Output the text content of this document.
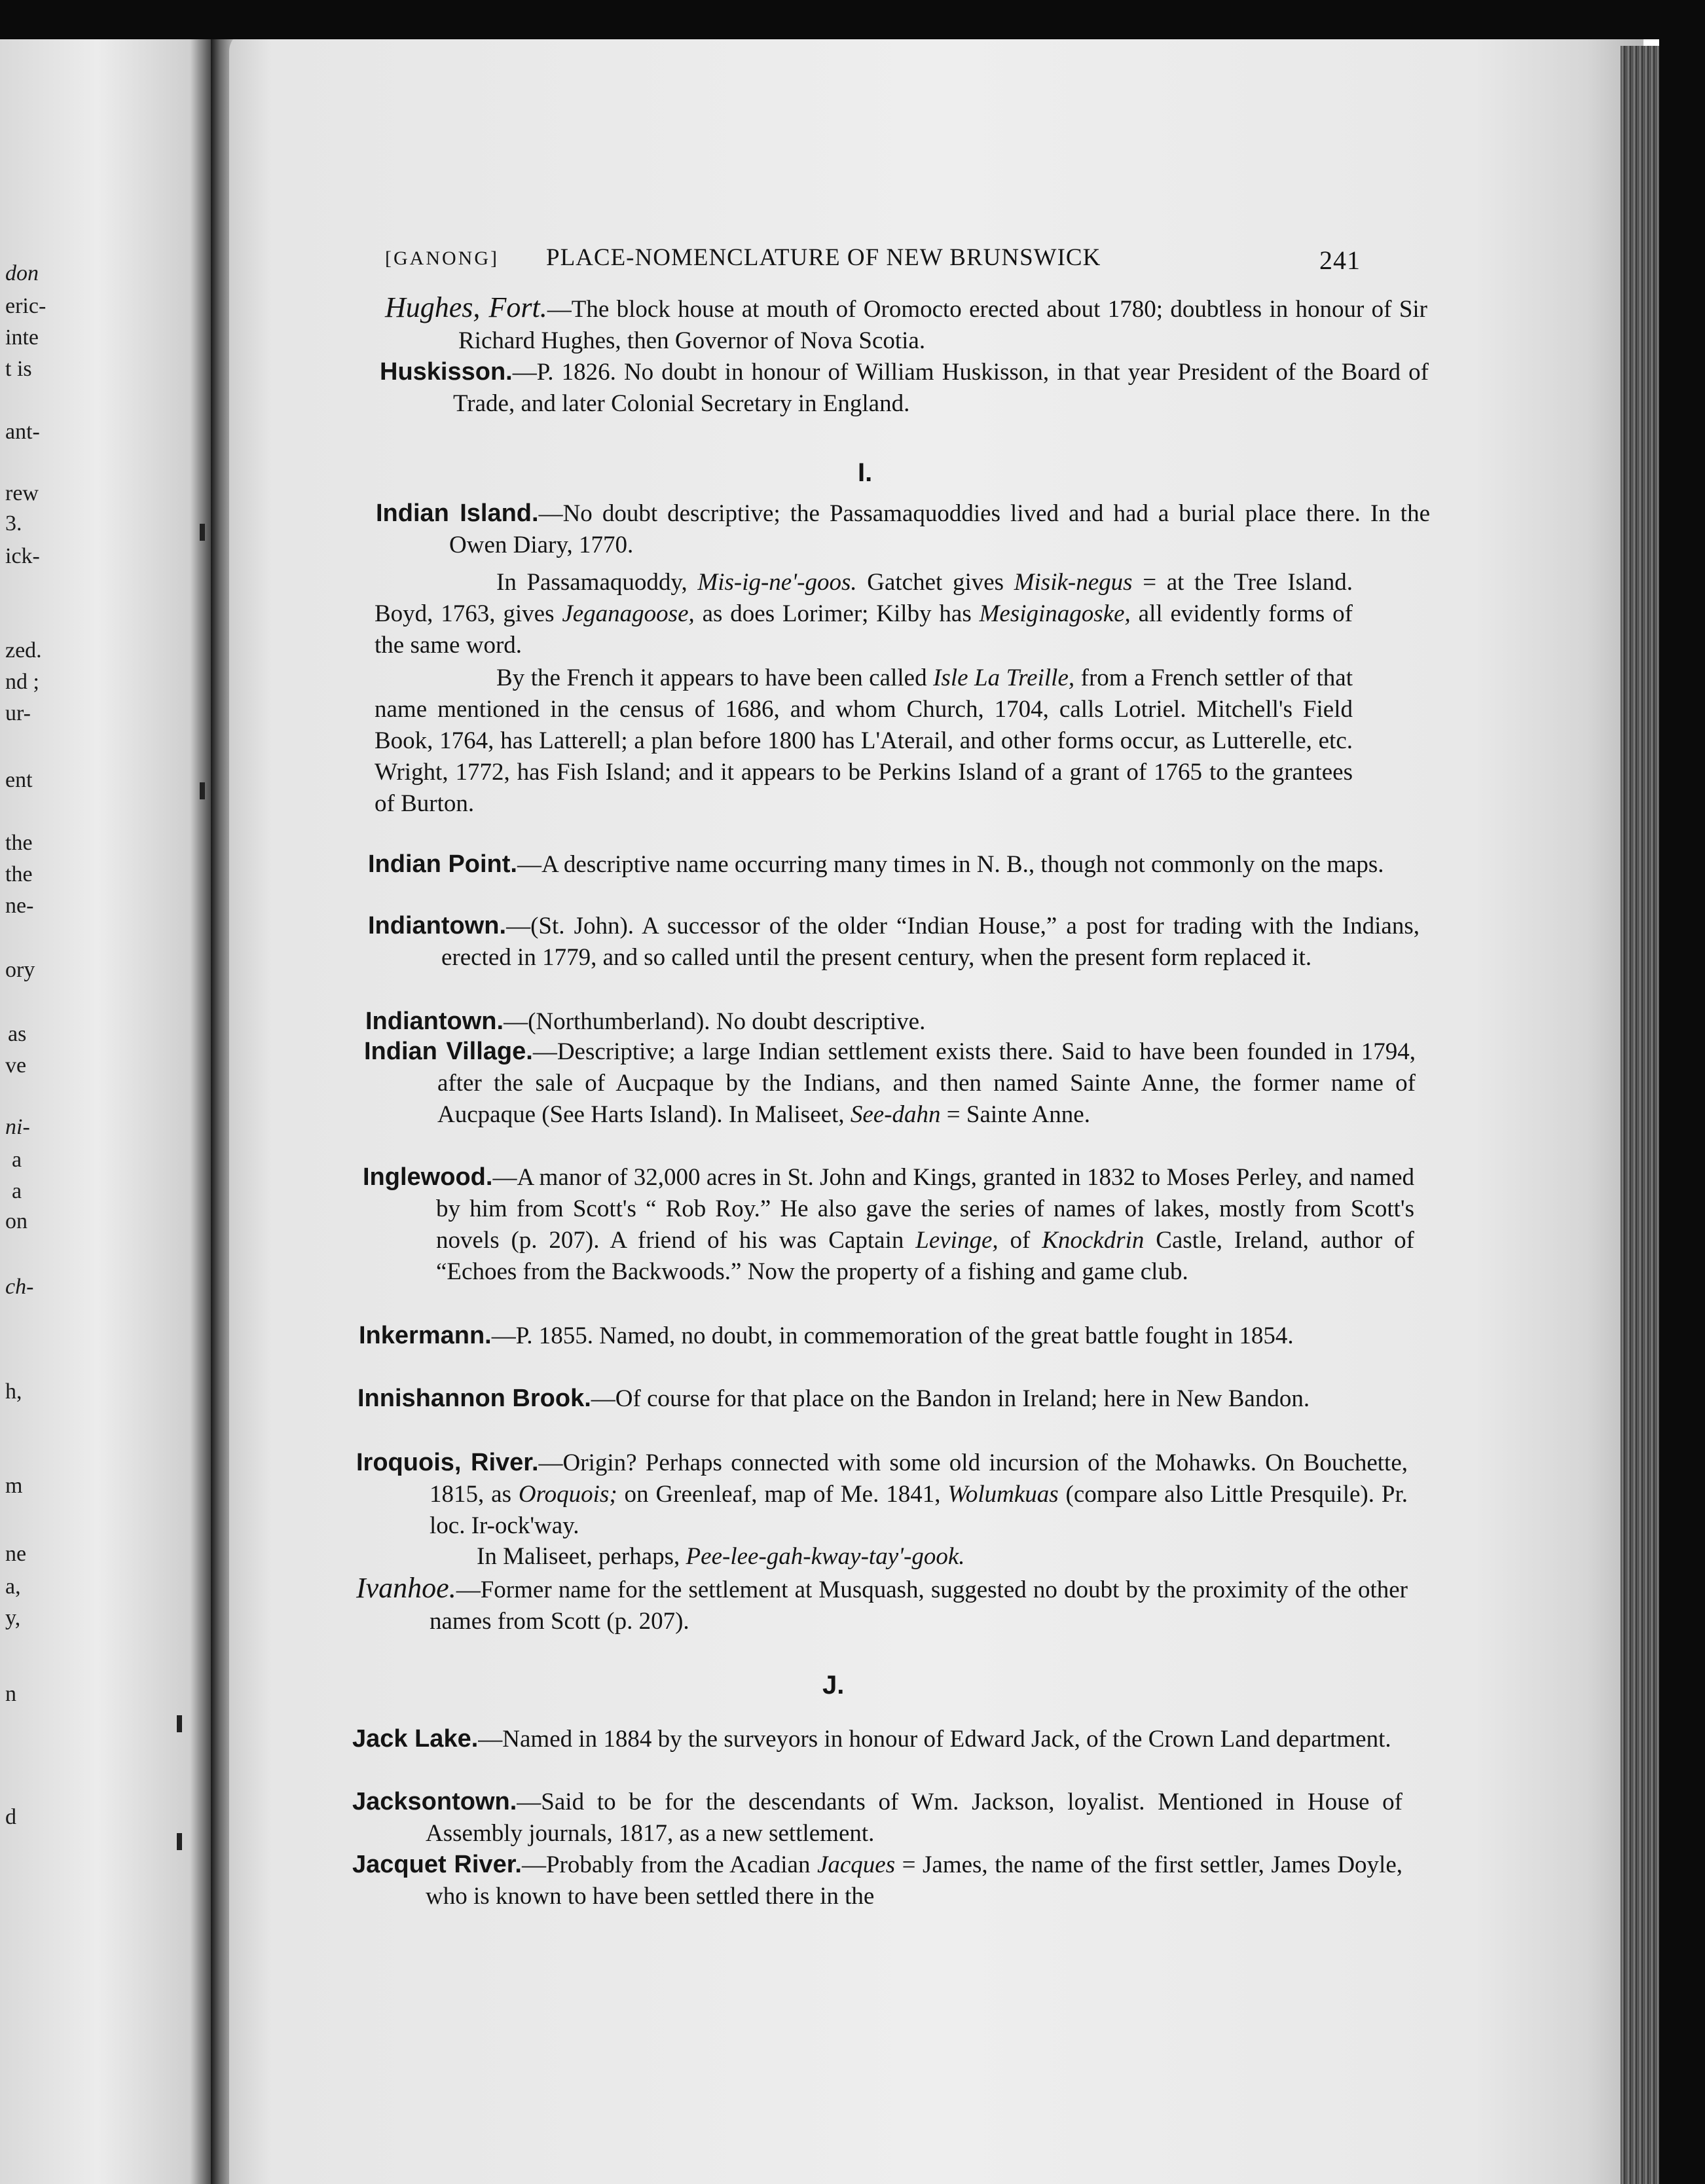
don
eric-
inte
t is
ant-
rew
3.
ick-
zed.
nd ;
ur-
ent
the
the
ne-
ory
as
ve
ni-
a
a
on
ch-
h,
m
ne
a,
y,
n
d
[GANONG] PLACE-NOMENCLATURE OF NEW BRUNSWICK	241
Hughes, Fort.—The block house at mouth of Oromocto erected about 1780; doubtless in honour of Sir Richard Hughes, then Governor of Nova Scotia.
Huskisson.—P. 1826. No doubt in honour of William Huskisson, in that year President of the Board of Trade, and later Colonial Secretary in England.
I.
Indian Island.—No doubt descriptive; the Passamaquoddies lived and had a burial place there. In the Owen Diary, 1770.
In Passamaquoddy, Mis-ig-ne'-goos. Gatchet gives Misik-negus = at the Tree Island. Boyd, 1763, gives Jeganagoose, as does Lorimer; Kilby has Mesiginagoske, all evidently forms of the same word.
By the French it appears to have been called Isle La Treille, from a French settler of that name mentioned in the census of 1686, and whom Church, 1704, calls Lotriel. Mitchell's Field Book, 1764, has Latterell; a plan before 1800 has L'Aterail, and other forms occur, as Lutterelle, etc. Wright, 1772, has Fish Island; and it appears to be Perkins Island of a grant of 1765 to the grantees of Burton.
Indian Point.—A descriptive name occurring many times in N. B., though not commonly on the maps.
Indiantown.—(St. John). A successor of the older “Indian House,” a post for trading with the Indians, erected in 1779, and so called until the present century, when the present form replaced it.
Indiantown.—(Northumberland). No doubt descriptive.
Indian Village.—Descriptive; a large Indian settlement exists there. Said to have been founded in 1794, after the sale of Aucpaque by the Indians, and then named Sainte Anne, the former name of Aucpaque (See Harts Island). In Maliseet, See-dahn = Sainte Anne.
Inglewood.—A manor of 32,000 acres in St. John and Kings, granted in 1832 to Moses Perley, and named by him from Scott's “ Rob Roy.” He also gave the series of names of lakes, mostly from Scott's novels (p. 207). A friend of his was Captain Levinge, of Knockdrin Castle, Ireland, author of “Echoes from the Backwoods.” Now the property of a fishing and game club.
Inkermann.—P. 1855. Named, no doubt, in commemoration of the great battle fought in 1854.
Innishannon Brook.—Of course for that place on the Bandon in Ireland; here in New Bandon.
Iroquois, River.—Origin? Perhaps connected with some old incursion of the Mohawks. On Bouchette, 1815, as Oroquois; on Greenleaf, map of Me. 1841, Wolumkuas (compare also Little Presquile). Pr. loc. Ir-ock'way.
In Maliseet, perhaps, Pee-lee-gah-kway-tay'-gook.
Ivanhoe.—Former name for the settlement at Musquash, suggested no doubt by the proximity of the other names from Scott (p. 207).
J.
Jack Lake.—Named in 1884 by the surveyors in honour of Edward Jack, of the Crown Land department.
Jacksontown.—Said to be for the descendants of Wm. Jackson, loyalist. Mentioned in House of Assembly journals, 1817, as a new settlement.
Jacquet River.—Probably from the Acadian Jacques = James, the name of the first settler, James Doyle, who is known to have been settled there in the
